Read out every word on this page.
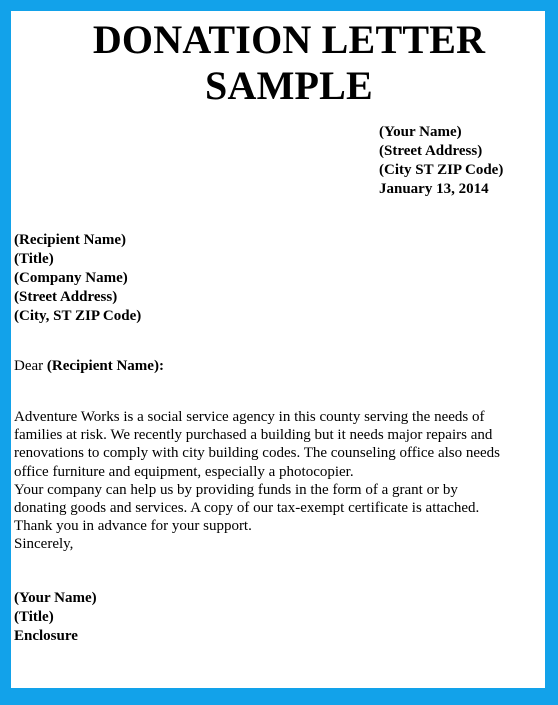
DONATION LETTER
SAMPLE
(Your Name)
(Street Address)
(City ST ZIP Code)
January 13, 2014
(Recipient Name)
(Title)
(Company Name)
(Street Address)
(City, ST ZIP Code)
Dear (Recipient Name):
Adventure Works is a social service agency in this county serving the needs of
families at risk. We recently purchased a building but it needs major repairs and
renovations to comply with city building codes. The counseling office also needs
office furniture and equipment, especially a photocopier.
Your company can help us by providing funds in the form of a grant or by
donating goods and services. A copy of our tax-exempt certificate is attached.
Thank you in advance for your support.
Sincerely,
(Your Name)
(Title)
Enclosure
